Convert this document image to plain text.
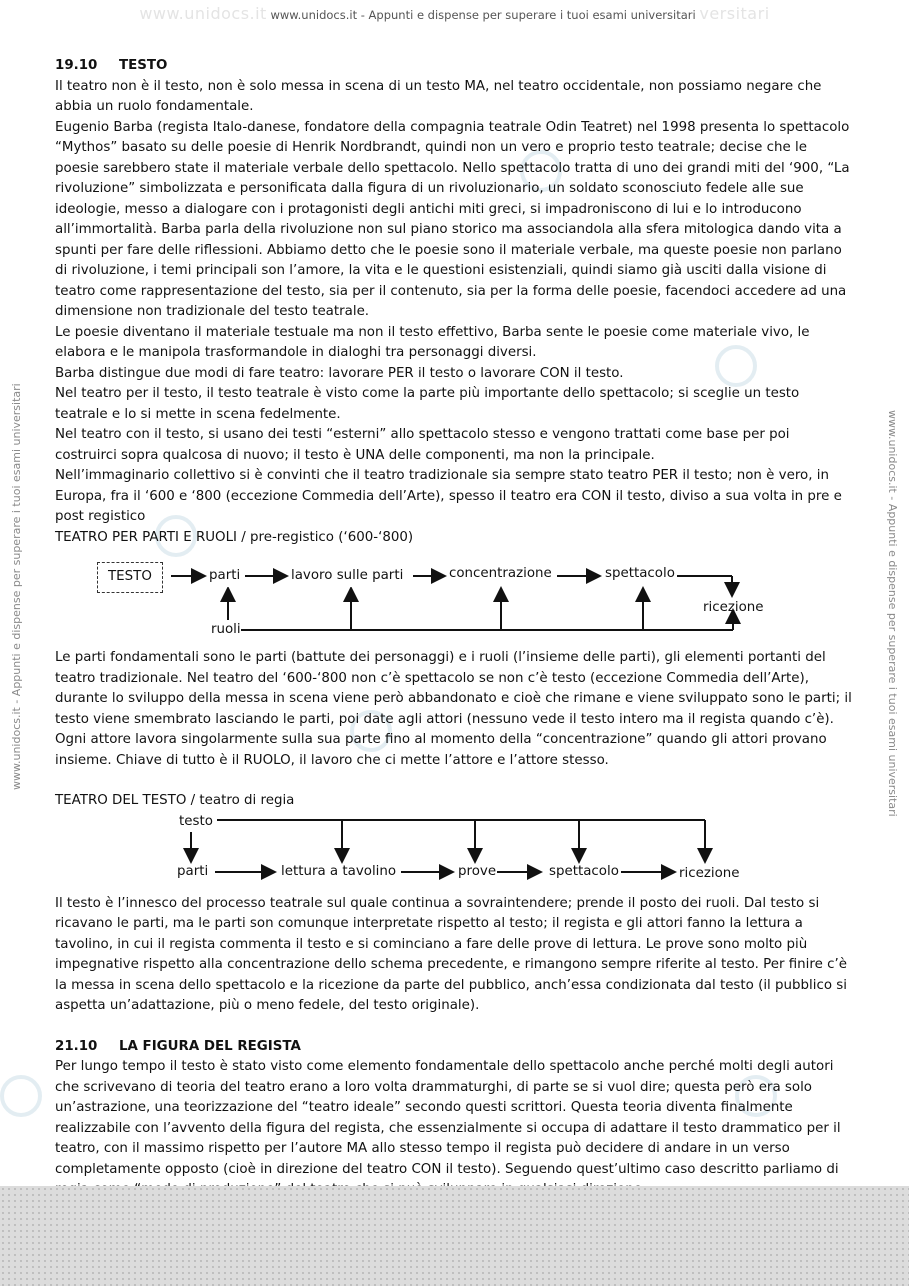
www.unidocs.it www.unidocs.it - Appunti e dispense per superare i tuoi esami universitari versitari
www.unidocs.it - Appunti e dispense per superare i tuoi esami universitari	www.unidocs.it - Appunti e dispense per superare i tuoi esami universitari
19.10	TESTO

Il teatro non è il testo, non è solo messa in scena di un testo MA, nel teatro occidentale, non possiamo negare che abbia un ruolo fondamentale.

Eugenio Barba (regista Italo-danese, fondatore della compagnia teatrale Odin Teatret) nel 1998 presenta lo spettacolo “Mythos” basato su delle poesie di Henrik Nordbrandt, quindi non un vero e proprio testo teatrale; decise che le poesie sarebbero state il materiale verbale dello spettacolo. Nello spettacolo tratta di uno dei grandi miti del ‘900, “La rivoluzione” simbolizzata e personificata dalla figura di un rivoluzionario, un soldato sconosciuto fedele alle sue ideologie, messo a dialogare con i protagonisti degli antichi miti greci, si impadroniscono di lui e lo introducono all’immortalità. Barba parla della rivoluzione non sul piano storico ma associandola alla sfera mitologica dando vita a spunti per fare delle riflessioni. Abbiamo detto che le poesie sono il materiale verbale, ma queste poesie non parlano di rivoluzione, i temi principali son l’amore, la vita e le questioni esistenziali, quindi siamo già usciti dalla visione di teatro come rappresentazione del testo, sia per il contenuto, sia per la forma delle poesie, facendoci accedere ad una dimensione non tradizionale del testo teatrale.

Le poesie diventano il materiale testuale ma non il testo effettivo, Barba sente le poesie come materiale vivo, le elabora e le manipola trasformandole in dialoghi tra personaggi diversi.

Barba distingue due modi di fare teatro: lavorare PER il testo o lavorare CON il testo.

Nel teatro per il testo, il testo teatrale è visto come la parte più importante dello spettacolo; si sceglie un testo teatrale e lo si mette in scena fedelmente.

Nel teatro con il testo, si usano dei testi “esterni” allo spettacolo stesso e vengono trattati come base per poi costruirci sopra qualcosa di nuovo; il testo è UNA delle componenti, ma non la principale.

Nell’immaginario collettivo si è convinti che il teatro tradizionale sia sempre stato teatro PER il testo; non è vero, in Europa, fra il ‘600 e ‘800 (eccezione Commedia dell’Arte), spesso il teatro era CON il testo, diviso a sua volta in pre e post registico

TEATRO PER PARTI E RUOLI / pre-registico (‘600-‘800)

TESTO	parti	lavoro sulle parti	concentrazione	spettacolo
ricezione
ruoli

Le parti fondamentali sono le parti (battute dei personaggi) e i ruoli (l’insieme delle parti), gli elementi portanti del teatro tradizionale. Nel teatro del ‘600-‘800 non c’è spettacolo se non c’è testo (eccezione Commedia dell’Arte), durante lo sviluppo della messa in scena viene però abbandonato e cioè che rimane e viene sviluppato sono le parti; il testo viene smembrato lasciando le parti, poi date agli attori (nessuno vede il testo intero ma il regista quando c’è). Ogni attore lavora singolarmente sulla sua parte fino al momento della “concentrazione” quando gli attori provano insieme. Chiave di tutto è il RUOLO, il lavoro che ci mette l’attore e l’attore stesso.

TEATRO DEL TESTO / teatro di regia

testo
parti	lettura a tavolino	prove	spettacolo	ricezione

Il testo è l’innesco del processo teatrale sul quale continua a sovraintendere; prende il posto dei ruoli. Dal testo si ricavano le parti, ma le parti son comunque interpretate rispetto al testo; il regista e gli attori fanno la lettura a tavolino, in cui il regista commenta il testo e si cominciano a fare delle prove di lettura. Le prove sono molto più impegnative rispetto alla concentrazione dello schema precedente, e rimangono sempre riferite al testo. Per finire c’è la messa in scena dello spettacolo e la ricezione da parte del pubblico, anch’essa condizionata dal testo (il pubblico si aspetta un’adattazione, più o meno fedele, del testo originale).

21.10	LA FIGURA DEL REGISTA

Per lungo tempo il testo è stato visto come elemento fondamentale dello spettacolo anche perché molti degli autori che scrivevano di teoria del teatro erano a loro volta drammaturghi, di parte se si vuol dire; questa però era solo un’astrazione, una teorizzazione del “teatro ideale” secondo questi scrittori. Questa teoria diventa finalmente realizzabile con l’avvento della figura del regista, che essenzialmente si occupa di adattare il testo drammatico per il teatro, con il massimo rispetto per l’autore MA allo stesso tempo il regista può decidere di andare in un verso completamente opposto (cioè in direzione del teatro CON il testo). Seguendo quest’ultimo caso descritto parliamo di
